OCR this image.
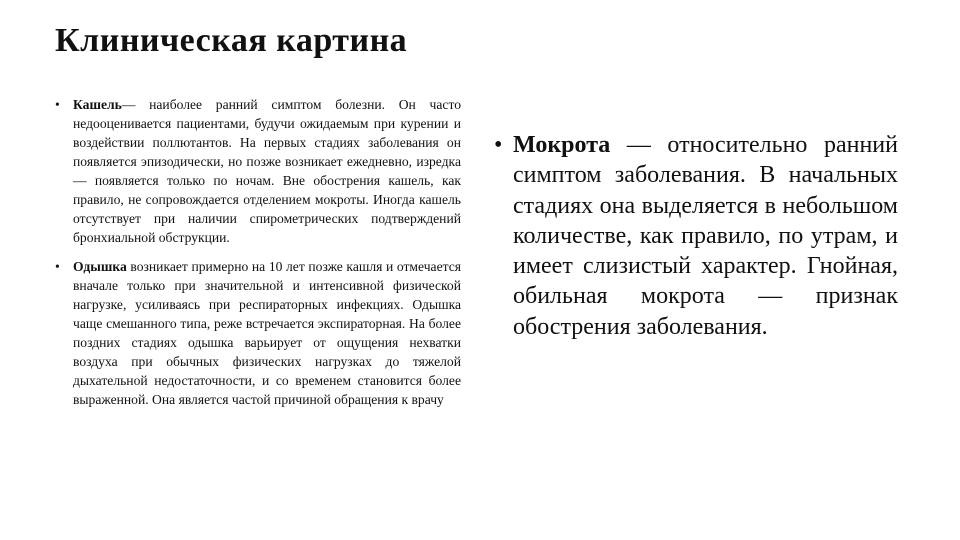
Клиническая картина
• Кашель— наиболее ранний симптом болезни. Он часто недооценивается пациентами, будучи ожидаемым при курении и воздействии поллютантов. На первых стадиях заболевания он появляется эпизодически, но позже возникает ежедневно, изредка — появляется только по ночам. Вне обострения кашель, как правило, не сопровождается отделением мокроты. Иногда кашель отсутствует при наличии спирометрических подтверждений бронхиальной обструкции.
• Одышка возникает примерно на 10 лет позже кашля и отмечается вначале только при значительной и интенсивной физической нагрузке, усиливаясь при респираторных инфекциях. Одышка чаще смешанного типа, реже встречается экспираторная. На более поздних стадиях одышка варьирует от ощущения нехватки воздуха при обычных физических нагрузках до тяжелой дыхательной недостаточности, и со временем становится более выраженной. Она является частой причиной обращения к врачу
• Мокрота — относительно ранний симптом заболевания. В начальных стадиях она выделяется в небольшом количестве, как правило, по утрам, и имеет слизистый характер. Гнойная, обильная мокрота — признак обострения заболевания.
